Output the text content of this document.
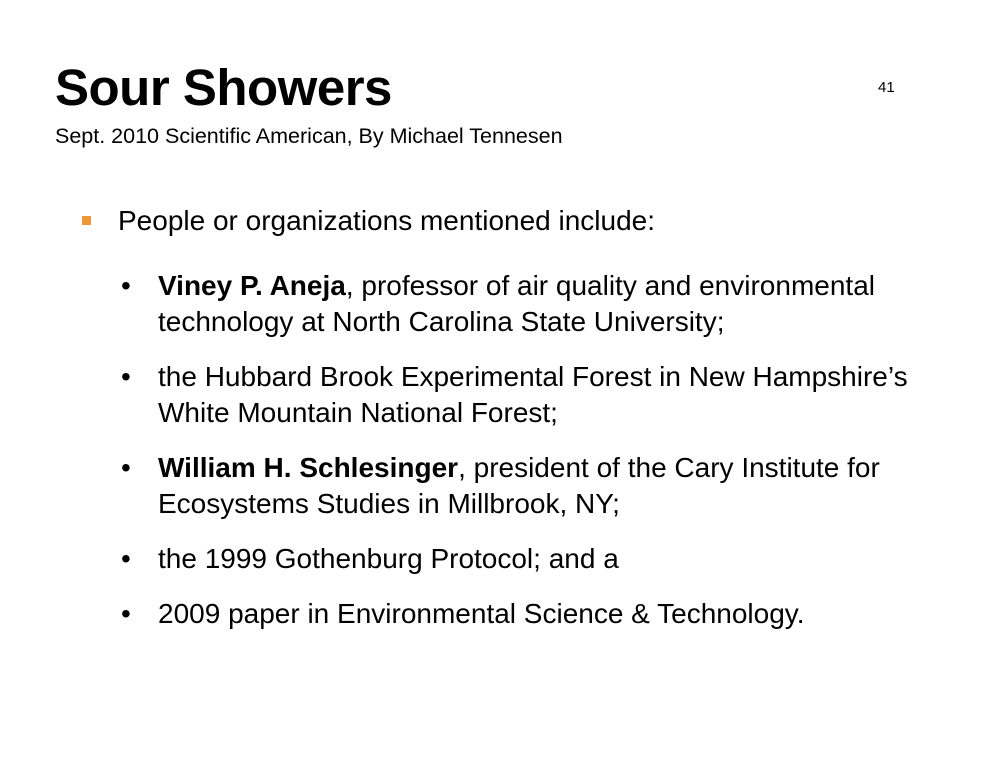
Sour Showers

Sept. 2010 Scientific American, By Michael Tennesen

41
People or organizations mentioned include:
• Viney P. Aneja, professor of air quality and environmental technology at North Carolina State University;
• the Hubbard Brook Experimental Forest in New Hampshire’s White Mountain National Forest;
• William H. Schlesinger, president of the Cary Institute for Ecosystems Studies in Millbrook, NY;
• the 1999 Gothenburg Protocol; and a
• 2009 paper in Environmental Science & Technology.
